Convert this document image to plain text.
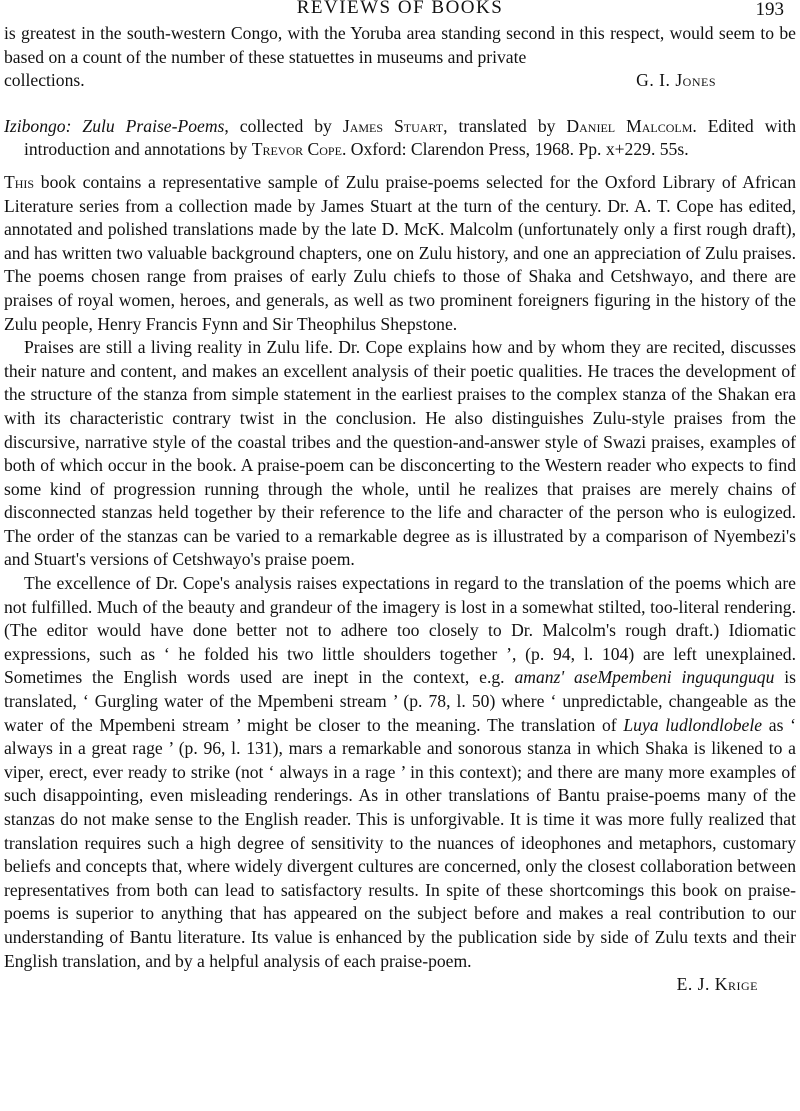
REVIEWS OF BOOKS	193

is greatest in the south-western Congo, with the Yoruba area standing second in this respect, would seem to be based on a count of the number of these statuettes in museums and private

collections.	G. I. Jones
Izibongo: Zulu Praise-Poems, collected by James Stuart, translated by Daniel Malcolm. Edited with introduction and annotations by Trevor Cope. Oxford: Clarendon Press, 1968. Pp. x+229. 55s.

This book contains a representative sample of Zulu praise-poems selected for the Oxford Library of African Literature series from a collection made by James Stuart at the turn of the century. Dr. A. T. Cope has edited, annotated and polished translations made by the late D. McK. Malcolm (unfortunately only a first rough draft), and has written two valuable background chapters, one on Zulu history, and one an appreciation of Zulu praises. The poems chosen range from praises of early Zulu chiefs to those of Shaka and Cetshwayo, and there are praises of royal women, heroes, and generals, as well as two prominent foreigners figuring in the history of the Zulu people, Henry Francis Fynn and Sir Theophilus Shepstone.

Praises are still a living reality in Zulu life. Dr. Cope explains how and by whom they are recited, discusses their nature and content, and makes an excellent analysis of their poetic qualities. He traces the development of the structure of the stanza from simple statement in the earliest praises to the complex stanza of the Shakan era with its characteristic contrary twist in the conclusion. He also distinguishes Zulu-style praises from the discursive, narrative style of the coastal tribes and the question-and-answer style of Swazi praises, examples of both of which occur in the book. A praise-poem can be disconcerting to the Western reader who expects to find some kind of progression running through the whole, until he realizes that praises are merely chains of disconnected stanzas held together by their reference to the life and character of the person who is eulogized. The order of the stanzas can be varied to a remarkable degree as is illustrated by a comparison of Nyembezi's and Stuart's versions of Cetshwayo's praise poem.

The excellence of Dr. Cope's analysis raises expectations in regard to the translation of the poems which are not fulfilled. Much of the beauty and grandeur of the imagery is lost in a somewhat stilted, too-literal rendering. (The editor would have done better not to adhere too closely to Dr. Malcolm's rough draft.) Idiomatic expressions, such as ‘ he folded his two little shoulders together ’, (p. 94, l. 104) are left unexplained. Sometimes the English words used are inept in the context, e.g. amanz' aseMpembeni inguqunguqu is translated, ‘ Gurgling water of the Mpembeni stream ’ (p. 78, l. 50) where ‘ unpredictable, changeable as the water of the Mpembeni stream ’ might be closer to the meaning. The translation of Luya ludlondlobele as ‘ always in a great rage ’ (p. 96, l. 131), mars a remarkable and sonorous stanza in which Shaka is likened to a viper, erect, ever ready to strike (not ‘ always in a rage ’ in this context); and there are many more examples of such disappointing, even misleading renderings. As in other translations of Bantu praise-poems many of the stanzas do not make sense to the English reader. This is unforgivable. It is time it was more fully realized that translation requires such a high degree of sensitivity to the nuances of ideophones and metaphors, customary beliefs and concepts that, where widely divergent cultures are concerned, only the closest collaboration between representatives from both can lead to satisfactory results. In spite of these shortcomings this book on praise-poems is superior to anything that has appeared on the subject before and makes a real contribution to our understanding of Bantu literature. Its value is enhanced by the publication side by side of Zulu texts and their English translation, and by a helpful analysis of each praise-poem.

E. J. Krige
